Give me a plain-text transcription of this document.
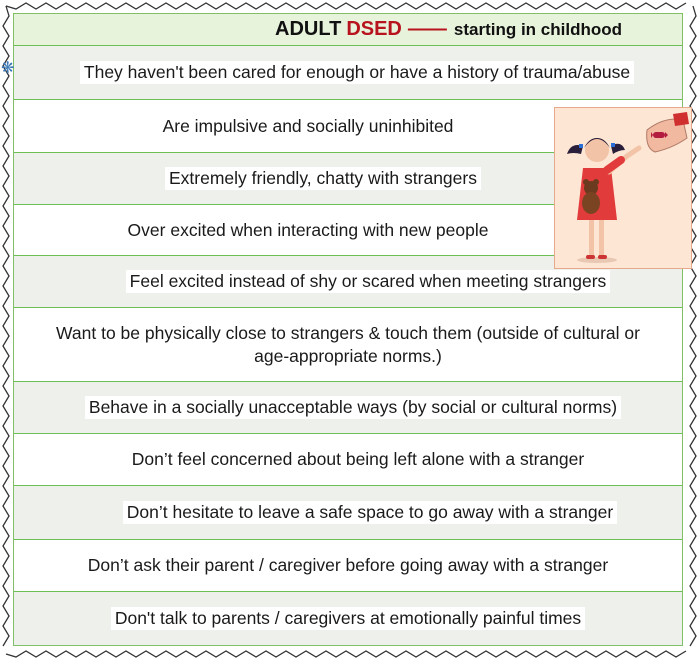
ADULT DSED —— starting in childhood
They haven't been cared for enough or have a history of trauma/abuse
Are impulsive and socially uninhibited
Extremely friendly, chatty with strangers
Over excited when interacting with new people
Feel excited instead of shy or scared when meeting strangers
Want to be physically close to strangers & touch them (outside of cultural or age-appropriate norms.)
Behave in a socially unacceptable ways (by social or cultural norms)
Don’t feel concerned about being left alone with a stranger
Don’t hesitate to leave a safe space to go away with a stranger
Don’t ask their parent / caregiver before going away with a stranger
Don't talk to parents / caregivers at emotionally painful times
❋
